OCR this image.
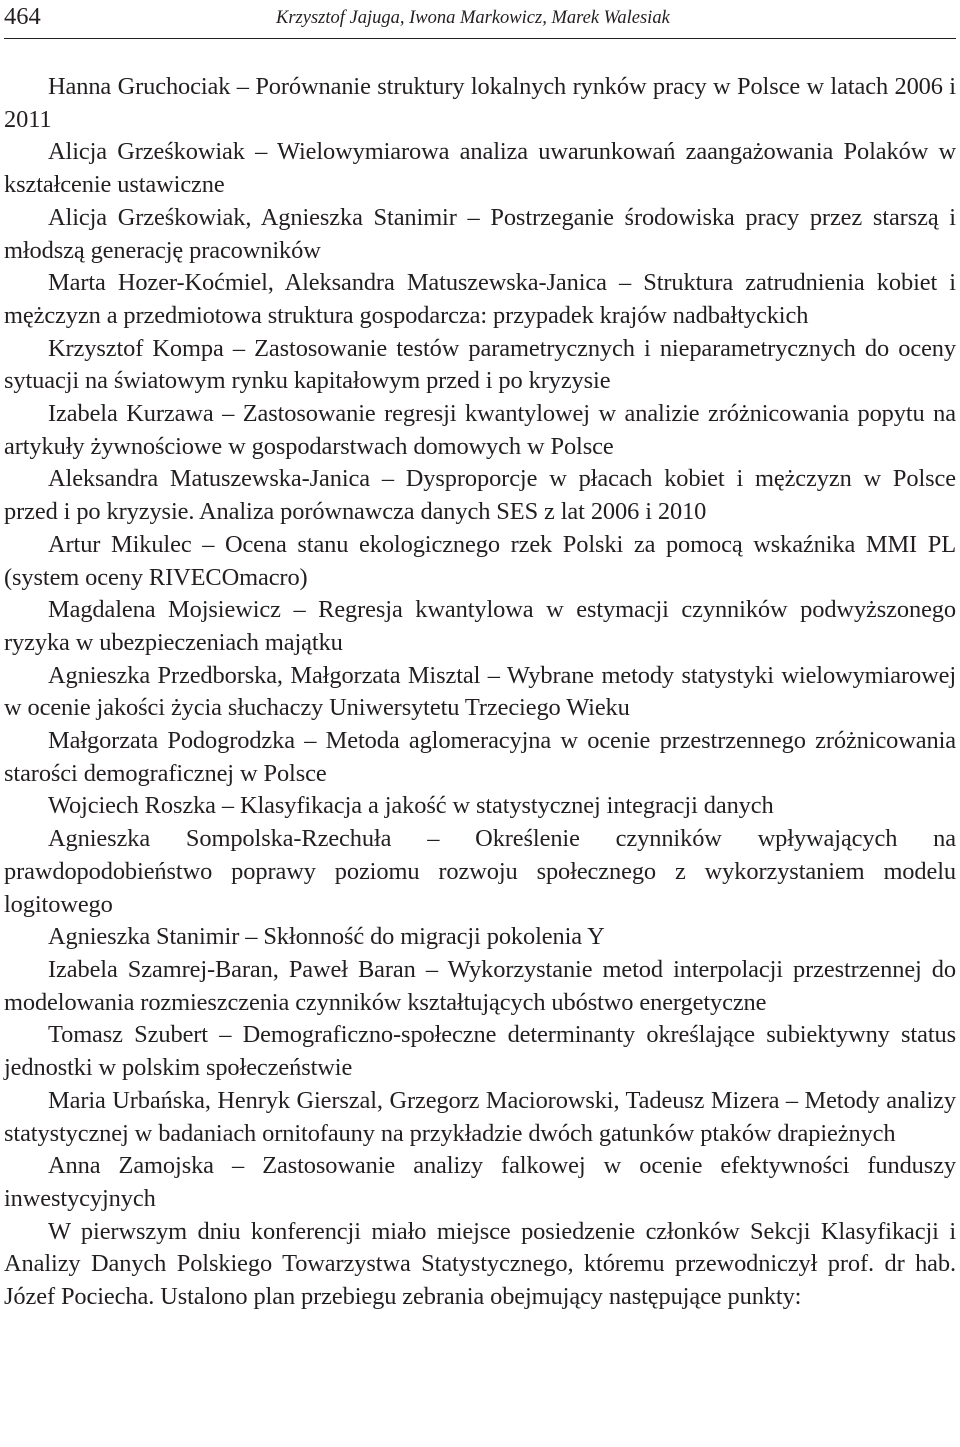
464	Krzysztof Jajuga, Iwona Markowicz, Marek Walesiak

Hanna Gruchociak – Porównanie struktury lokalnych rynków pracy w Polsce w latach 2006 i 2011

Alicja Grześkowiak – Wielowymiarowa analiza uwarunkowań zaangażowania Polaków w kształcenie ustawiczne

Alicja Grześkowiak, Agnieszka Stanimir – Postrzeganie środowiska pracy przez starszą i młodszą generację pracowników

Marta Hozer-Koćmiel, Aleksandra Matuszewska-Janica – Struktura zatrudnienia kobiet i mężczyzn a przedmiotowa struktura gospodarcza: przypadek krajów nadbałtyckich

Krzysztof Kompa – Zastosowanie testów parametrycznych i nieparametrycznych do oceny sytuacji na światowym rynku kapitałowym przed i po kryzysie

Izabela Kurzawa – Zastosowanie regresji kwantylowej w analizie zróżnicowania popytu na artykuły żywnościowe w gospodarstwach domowych w Polsce

Aleksandra Matuszewska-Janica – Dysproporcje w płacach kobiet i mężczyzn w Polsce przed i po kryzysie. Analiza porównawcza danych SES z lat 2006 i 2010

Artur Mikulec – Ocena stanu ekologicznego rzek Polski za pomocą wskaźnika MMI PL (system oceny RIVECOmacro)

Magdalena Mojsiewicz – Regresja kwantylowa w estymacji czynników podwyższonego ryzyka w ubezpieczeniach majątku

Agnieszka Przedborska, Małgorzata Misztal – Wybrane metody statystyki wielowymiarowej w ocenie jakości życia słuchaczy Uniwersytetu Trzeciego Wieku

Małgorzata Podogrodzka – Metoda aglomeracyjna w ocenie przestrzennego zróżnicowania starości demograficznej w Polsce

Wojciech Roszka – Klasyfikacja a jakość w statystycznej integracji danych

Agnieszka Sompolska-Rzechuła – Określenie czynników wpływających na prawdopodobieństwo poprawy poziomu rozwoju społecznego z wykorzystaniem modelu logitowego

Agnieszka Stanimir – Skłonność do migracji pokolenia Y

Izabela Szamrej-Baran, Paweł Baran – Wykorzystanie metod interpolacji przestrzennej do modelowania rozmieszczenia czynników kształtujących ubóstwo energetyczne

Tomasz Szubert – Demograficzno-społeczne determinanty określające subiektywny status jednostki w polskim społeczeństwie

Maria Urbańska, Henryk Gierszal, Grzegorz Maciorowski, Tadeusz Mizera – Metody analizy statystycznej w badaniach ornitofauny na przykładzie dwóch gatunków ptaków drapieżnych

Anna Zamojska – Zastosowanie analizy falkowej w ocenie efektywności funduszy inwestycyjnych

W pierwszym dniu konferencji miało miejsce posiedzenie członków Sekcji Klasyfikacji i Analizy Danych Polskiego Towarzystwa Statystycznego, któremu przewodniczył prof. dr hab. Józef Pociecha. Ustalono plan przebiegu zebrania obejmujący następujące punkty:
